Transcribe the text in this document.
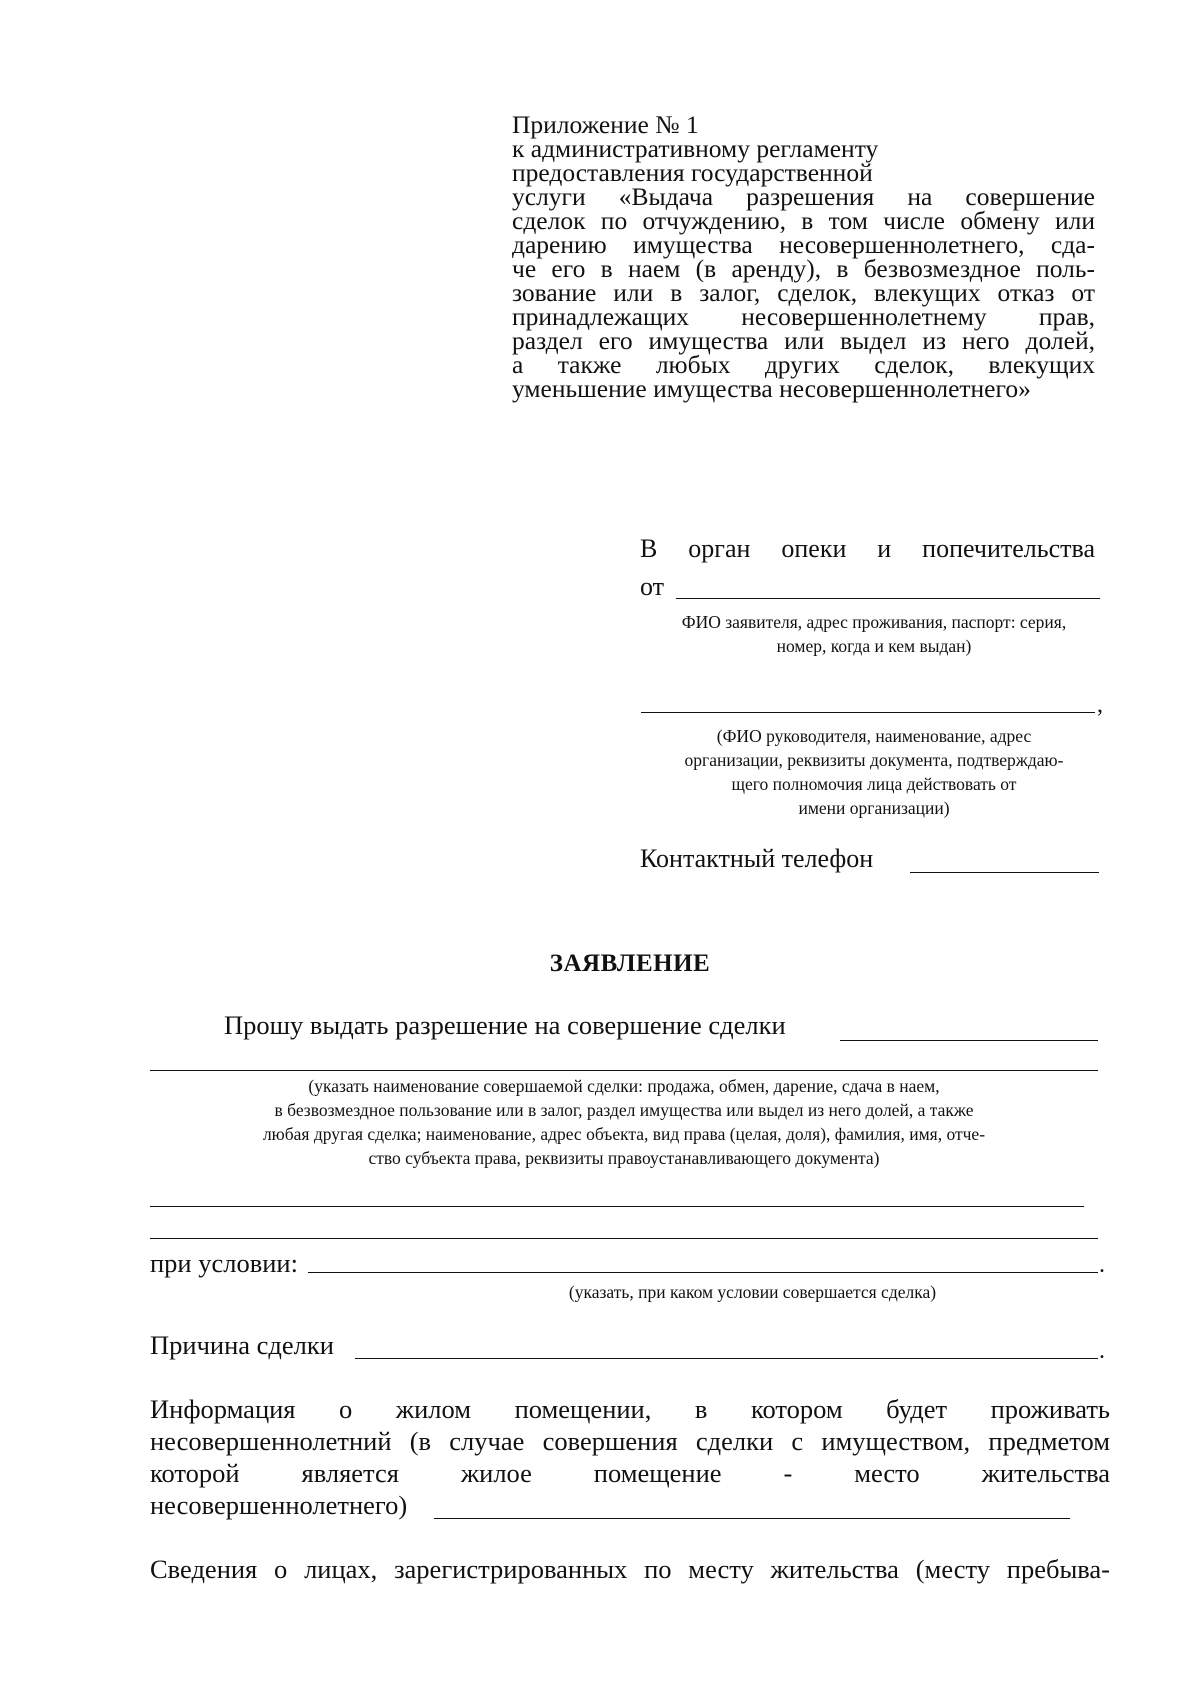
Приложение № 1
к административному регламенту
предоставления государственной
услуги «Выдача разрешения на совершение
сделок по отчуждению, в том числе обмену или
дарению имущества несовершеннолетнего, сда-
че его в наем (в аренду), в безвозмездное поль-
зование или в залог, сделок, влекущих отказ от
принадлежащих несовершеннолетнему прав,
раздел его имущества или выдел из него долей,
а также любых других сделок, влекущих
уменьшение имущества несовершеннолетнего»
В орган опеки и попечительства
от
ФИО заявителя, адрес проживания, паспорт: серия,
номер, когда и кем выдан)
,
(ФИО руководителя, наименование, адрес
организации, реквизиты документа, подтверждаю-
щего полномочия лица действовать от
имени организации)
Контактный телефон
ЗАЯВЛЕНИЕ
Прошу выдать разрешение на совершение сделки
(указать наименование совершаемой сделки: продажа, обмен, дарение, сдача в наем,
в безвозмездное пользование или в залог, раздел имущества или выдел из него долей, а также
любая другая сделка; наименование, адрес объекта, вид права (целая, доля), фамилия, имя, отче-
ство субъекта права, реквизиты правоустанавливающего документа)
при условии:	.
(указать, при каком условии совершается сделка)
Причина сделки	.
Информация о жилом помещении, в котором будет проживать
несовершеннолетний (в случае совершения сделки с имуществом, предметом
которой является жилое помещение - место жительства
несовершеннолетнего)
Сведения о лицах, зарегистрированных по месту жительства (месту пребыва-
